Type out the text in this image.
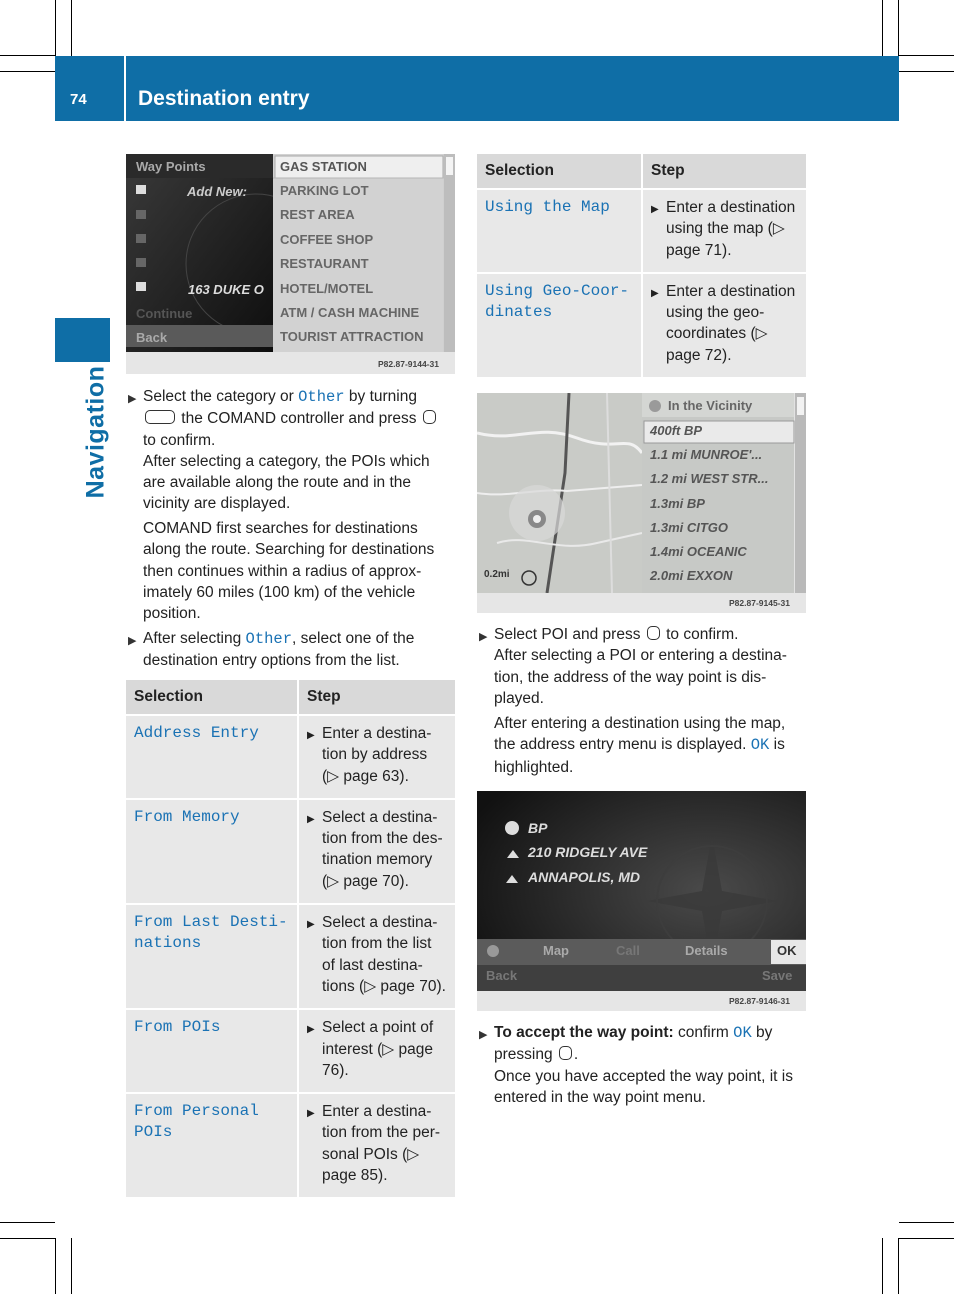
74	Destination entry
Navigation
Way Points
Add New:
163 DUKE O
Continue
Back
GAS STATION
PARKING LOT
REST AREA
COFFEE SHOP
RESTAURANT
HOTEL/MOTEL
ATM / CASH MACHINE
TOURIST ATTRACTION
P82.87-9144-31
▶ Select the category or Other by turning
the COMAND controller and press
to confirm.
After selecting a category, the POIs which are available along the route and in the vicinity are displayed.
COMAND first searches for destinations along the route. Searching for destinations then continues within a radius of approximately 60 miles (100 km) of the vehicle position.
▶ After selecting Other, select one of the destination entry options from the list.
Selection	Step

Address Entry	▶ Enter a destination by address (▷ page 63).

From Memory	▶ Select a destination from the destination memory (▷ page 70).

From Last Desti‐
nations	▶ Select a destination from the list of last destinations (▷ page 70).

From POIs	▶ Select a point of interest (▷ page 76).

From Personal
POIs	▶ Enter a destination from the personal POIs (▷ page 85).
Selection	Step

Using the Map	▶ Enter a destination using the map (▷ page 71).

Using Geo-Coor‐
dinates	▶ Enter a destination using the geocoordinates (▷ page 72).
In the Vicinity
400ft BP
1.1 mi MUNROE'...
1.2 mi WEST STR...
1.3mi BP
1.3mi CITGO
1.4mi OCEANIC
2.0mi EXXON
0.2mi
P82.87-9145-31
▶ Select POI and press  to confirm.
After selecting a POI or entering a destination, the address of the way point is displayed.
After entering a destination using the map, the address entry menu is displayed. OK is highlighted.
BP
210 RIDGELY AVE
ANNAPOLIS, MD
Map	Call	Details	OK
Back	Save
P82.87-9146-31
▶ To accept the way point: confirm OK by pressing .
Once you have accepted the way point, it is entered in the way point menu.
